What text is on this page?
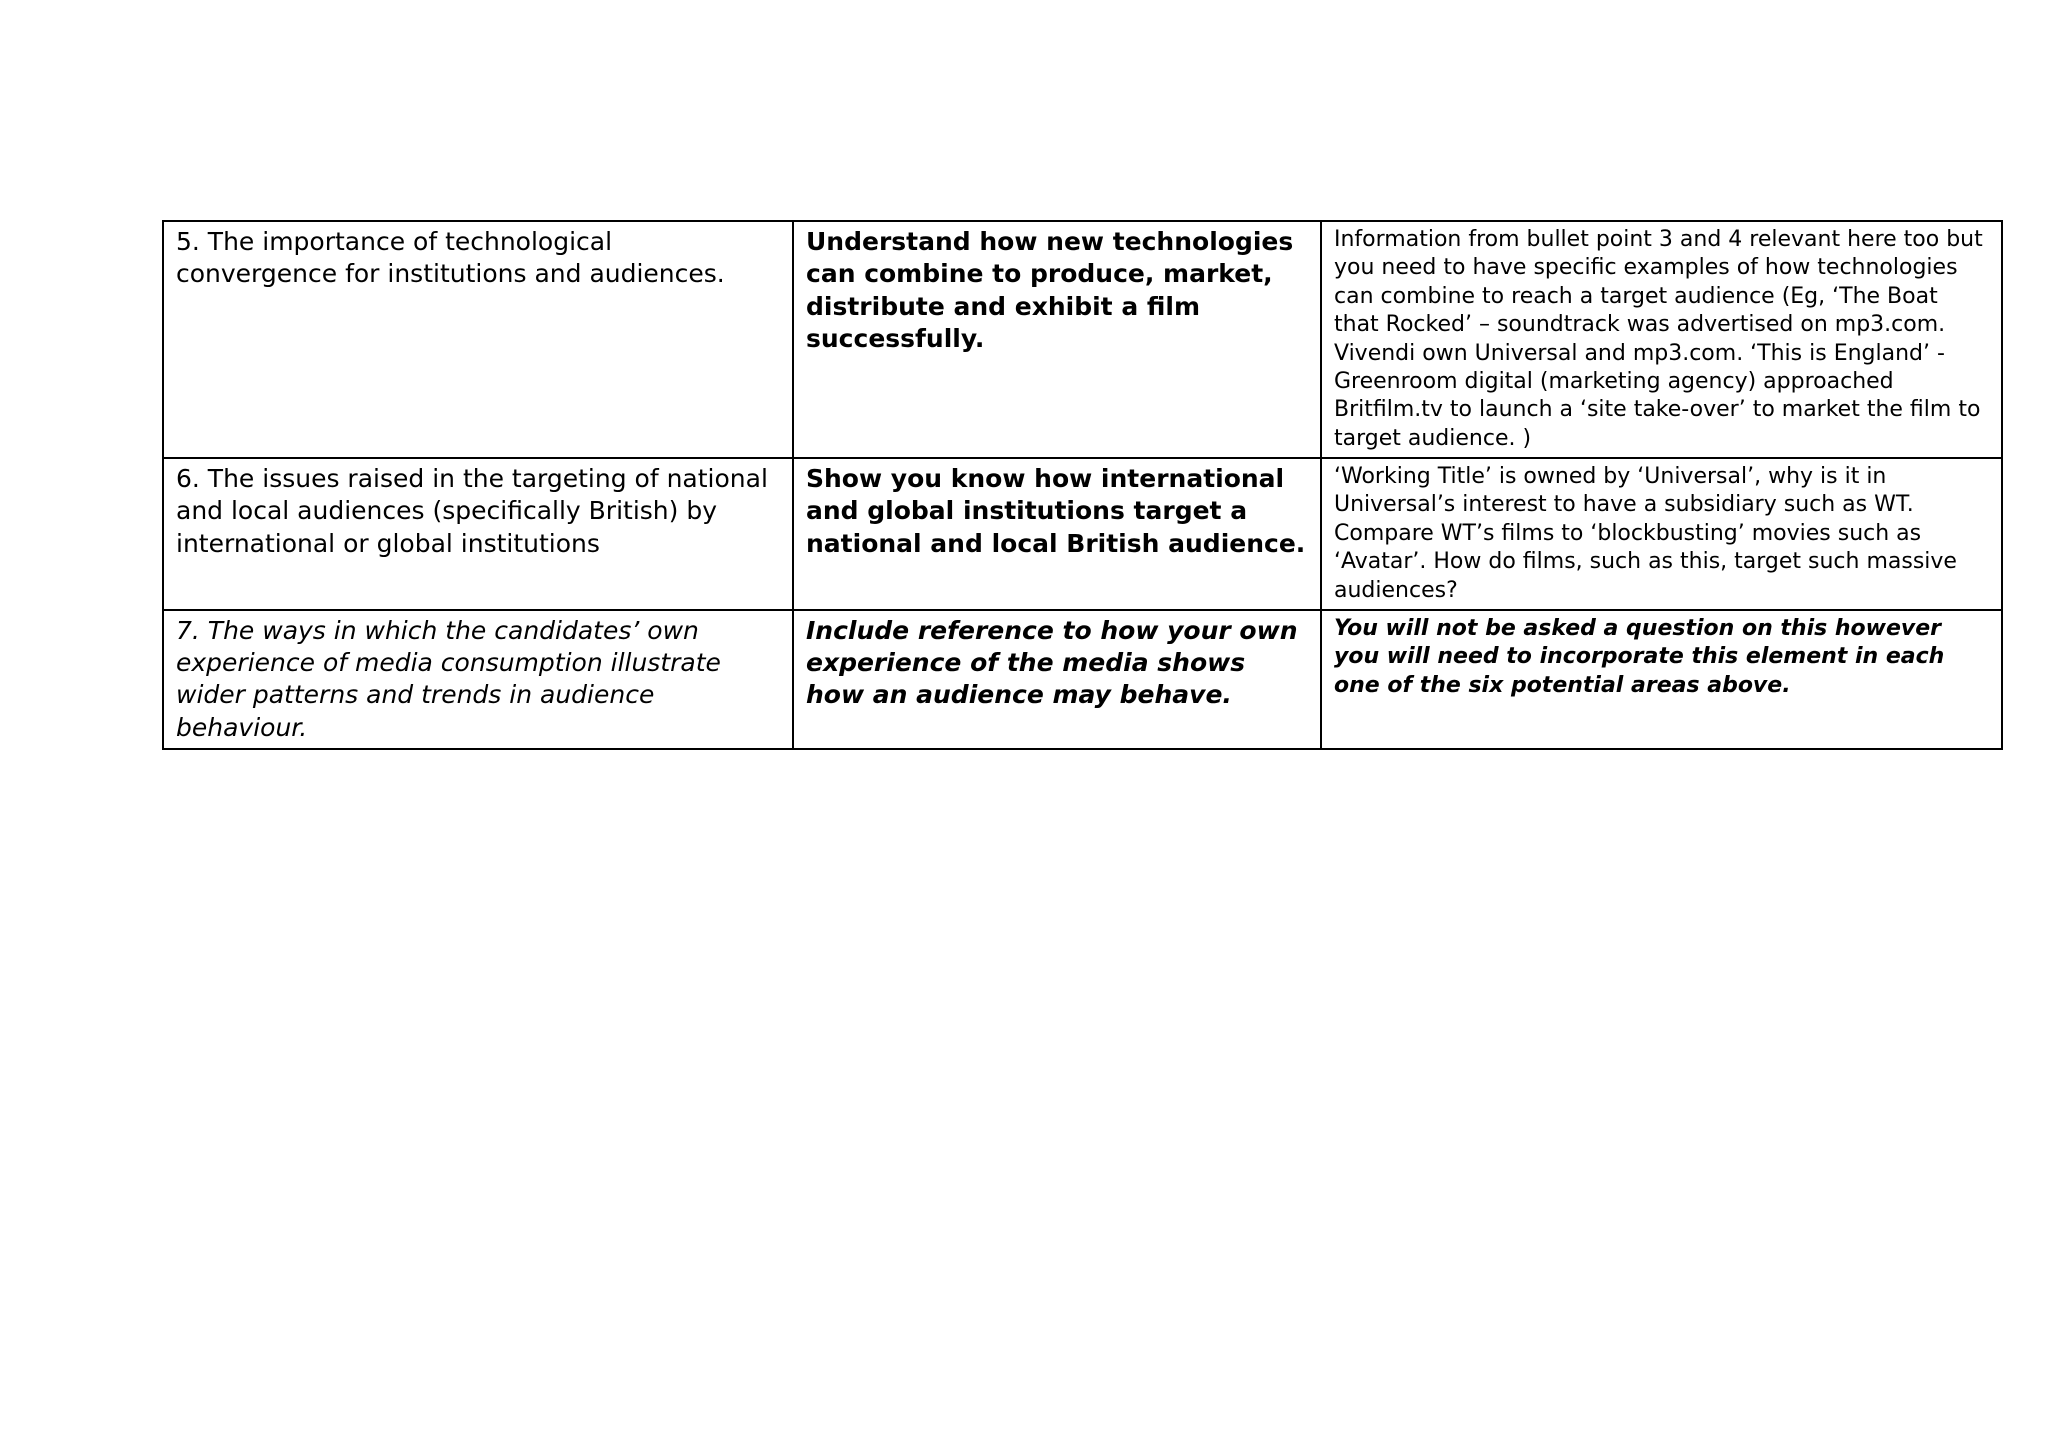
5. The importance of technological convergence for institutions and audiences.	Understand how new technologies can combine to produce, market, distribute and exhibit a film successfully.	Information from bullet point 3 and 4 relevant here too but you need to have specific examples of how technologies can combine to reach a target audience (Eg, ‘The Boat that Rocked’ – soundtrack was advertised on mp3.com. Vivendi own Universal and mp3.com. ‘This is England’ - Greenroom digital (marketing agency) approached Britfilm.tv to launch a ‘site take-over’ to market the film to target audience. )
6. The issues raised in the targeting of national and local audiences (specifically British) by international or global institutions	Show you know how international and global institutions target a national and local British audience.	‘Working Title’ is owned by ‘Universal’, why is it in Universal’s interest to have a subsidiary such as WT. Compare WT’s films to ‘blockbusting’ movies such as ‘Avatar’. How do films, such as this, target such massive audiences?
7. The ways in which the candidates’ own experience of media consumption illustrate wider patterns and trends in audience behaviour.	Include reference to how your own experience of the media shows how an audience may behave.	You will not be asked a question on this however you will need to incorporate this element in each one of the six potential areas above.
